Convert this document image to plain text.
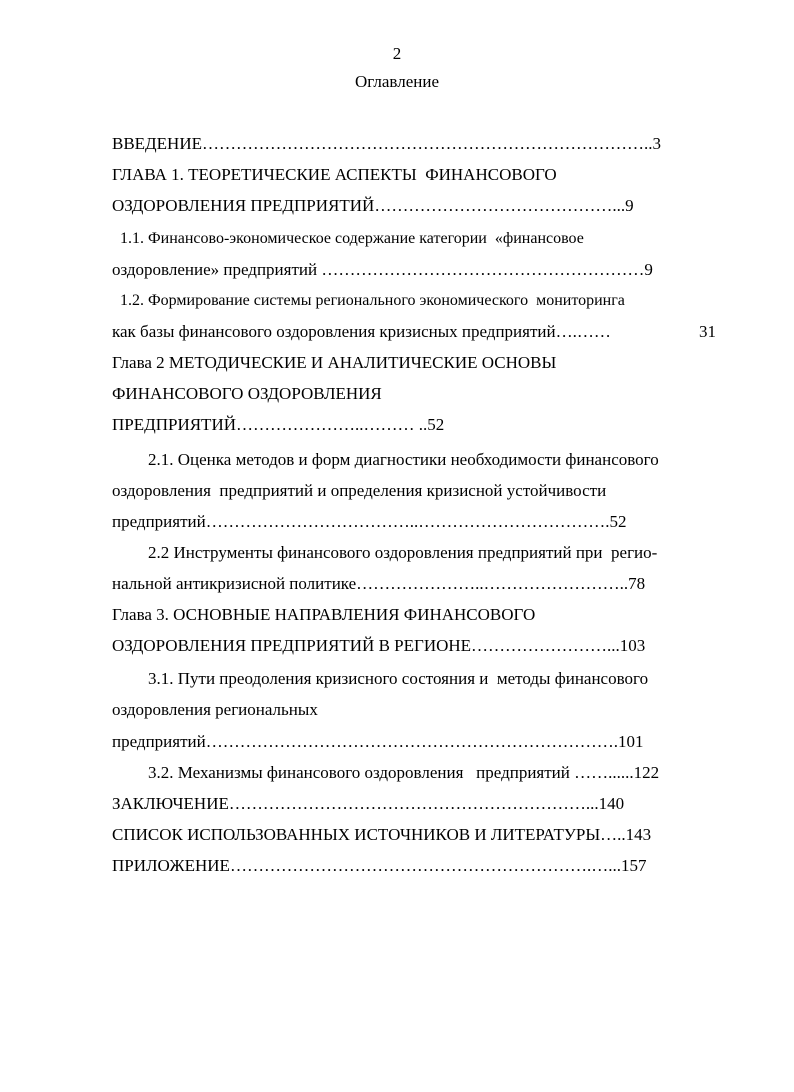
2
Оглавление
ВВЕДЕНИЕ……………………………………………………………………..3
ГЛАВА 1. ТЕОРЕТИЧЕСКИЕ АСПЕКТЫ  ФИНАНСОВОГО
ОЗДОРОВЛЕНИЯ ПРЕДПРИЯТИЙ……………………………………...9
1.1. Финансово-экономическое содержание категории  «финансовое
оздоровление» предприятий …………………………………………………9
1.2. Формирование системы регионального экономического  мониторинга
как базы финансового оздоровления кризисных предприятий….……	31
Глава 2 МЕТОДИЧЕСКИЕ И АНАЛИТИЧЕСКИЕ ОСНОВЫ
ФИНАНСОВОГО ОЗДОРОВЛЕНИЯ
ПРЕДПРИЯТИЙ…………………..……… ..52
2.1. Оценка методов и форм диагностики необходимости финансового
оздоровления  предприятий и определения кризисной устойчивости
предприятий………………………………..…………………………….52
2.2 Инструменты финансового оздоровления предприятий при  регио-
нальной антикризисной политике…………………..……………………..78
Глава 3. ОСНОВНЫЕ НАПРАВЛЕНИЯ ФИНАНСОВОГО
ОЗДОРОВЛЕНИЯ ПРЕДПРИЯТИЙ В РЕГИОНЕ……………………...103
3.1. Пути преодоления кризисного состояния и  методы финансового
оздоровления региональных
предприятий……………………………………………………………….101
3.2. Механизмы финансового оздоровления   предприятий ……......122
ЗАКЛЮЧЕНИЕ………………………………………………………...140
СПИСОК ИСПОЛЬЗОВАННЫХ ИСТОЧНИКОВ И ЛИТЕРАТУРЫ…..143
ПРИЛОЖЕНИЕ……………………………………………………….…...157
